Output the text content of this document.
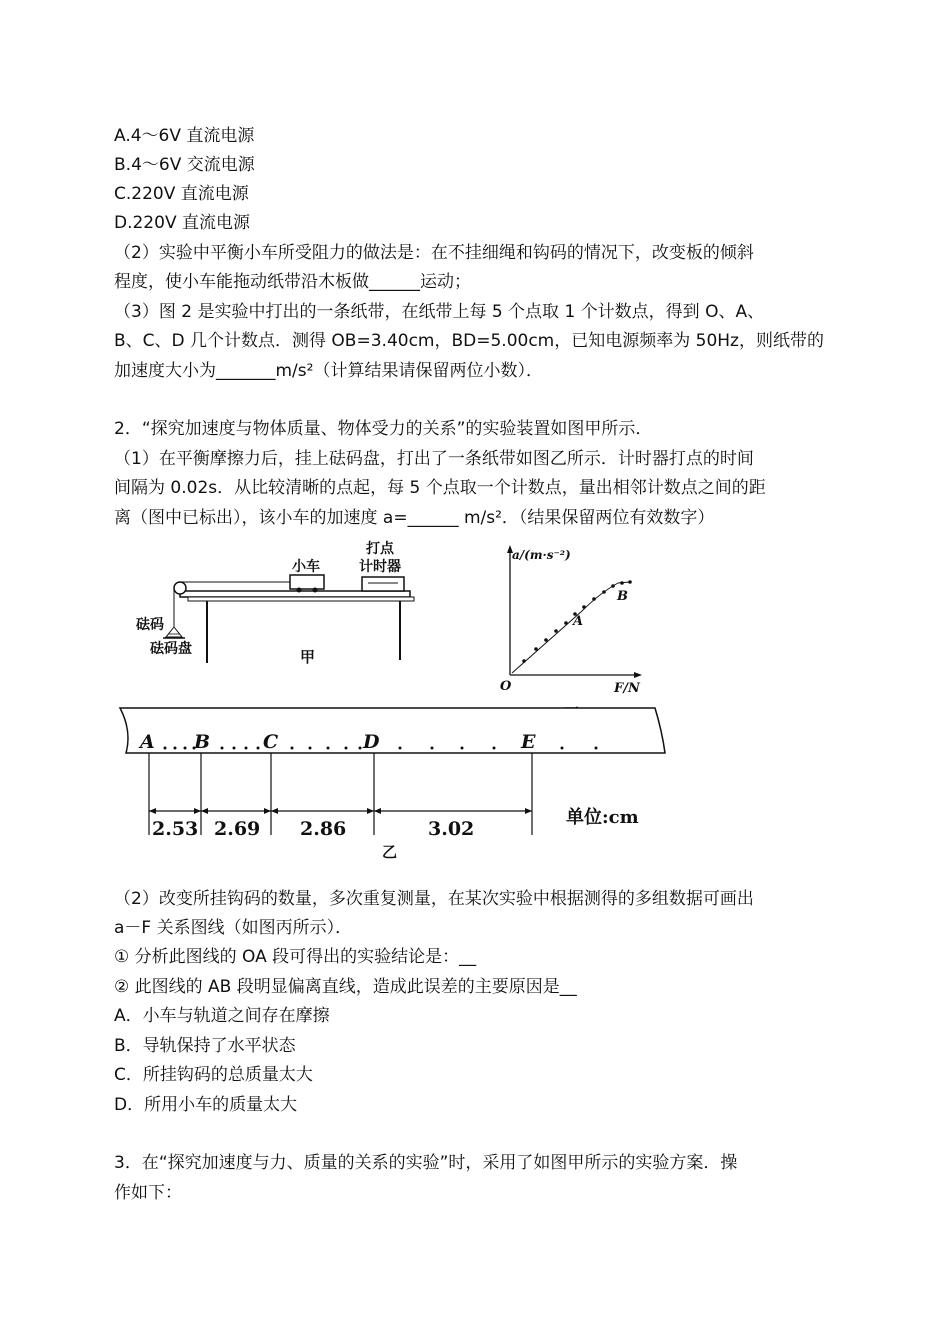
A.4～6V 直流电源
B.4～6V 交流电源
C.220V 直流电源
D.220V 直流电源
（2）实验中平衡小车所受阻力的做法是：在不挂细绳和钩码的情况下，改变板的倾斜
程度，使小车能拖动纸带沿木板做______运动；
（3）图 2 是实验中打出的一条纸带，在纸带上每 5 个点取 1 个计数点，得到 O、A、
B、C、D 几个计数点．测得 OB=3.40cm，BD=5.00cm，已知电源频率为 50Hz，则纸带的
加速度大小为_______m/s²（计算结果请保留两位小数）．
2．“探究加速度与物体质量、物体受力的关系”的实验装置如图甲所示．
（1）在平衡摩擦力后，挂上砝码盘，打出了一条纸带如图乙所示．计时器打点的时间
间隔为 0.02s．从比较清晰的点起，每 5 个点取一个计数点，量出相邻计数点之间的距
离（图中已标出），该小车的加速度 a=______ m/s²．（结果保留两位有效数字）
小车
打点
计时器
砝码
砝码盘	甲
a/(m·s⁻²)
F/N
O
A
B
A B	C	D	E
2.53 2.69 2.86	3.02
单位:cm
乙
（2）改变所挂钩码的数量，多次重复测量，在某次实验中根据测得的多组数据可画出
a－F 关系图线（如图丙所示）．
① 分析此图线的 OA 段可得出的实验结论是：__
② 此图线的 AB 段明显偏离直线，造成此误差的主要原因是__
A．小车与轨道之间存在摩擦
B．导轨保持了水平状态
C．所挂钩码的总质量太大
D．所用小车的质量太大
3．在“探究加速度与力、质量的关系的实验”时，采用了如图甲所示的实验方案．操
作如下：
